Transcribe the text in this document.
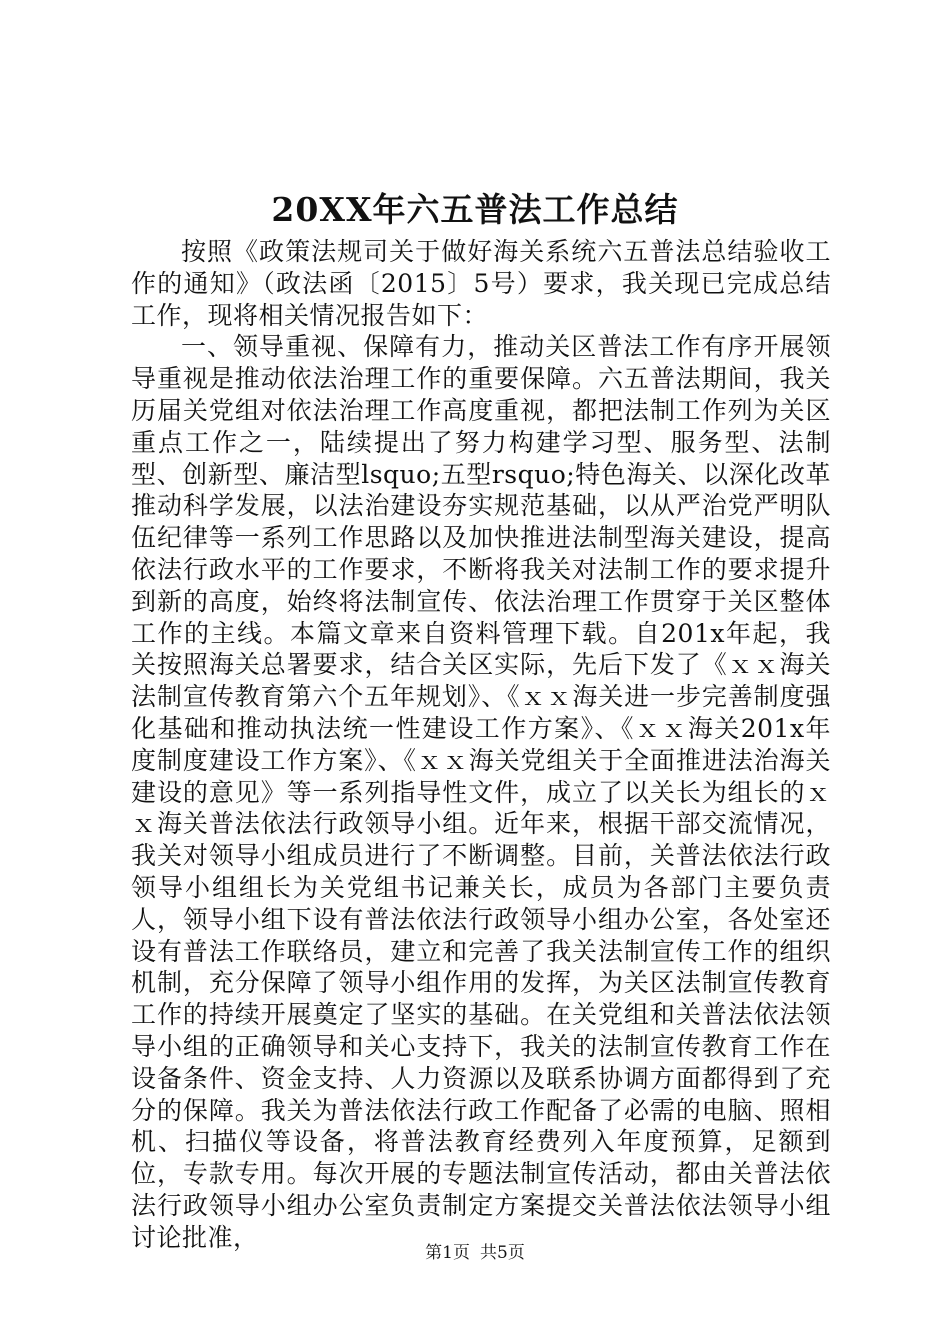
20XX年六五普法工作总结

按照《政策法规司关于做好海关系统六五普法总结验收工作的通知》（政法函〔2015〕5号）要求，我关现已完成总结工作，现将相关情况报告如下：

一、领导重视、保障有力，推动关区普法工作有序开展领导重视是推动依法治理工作的重要保障。六五普法期间，我关历届关党组对依法治理工作高度重视，都把法制工作列为关区重点工作之一，陆续提出了努力构建学习型、服务型、法制型、创新型、廉洁型lsquo;五型rsquo;特色海关、以深化改革推动科学发展，以法治建设夯实规范基础，以从严治党严明队伍纪律等一系列工作思路以及加快推进法制型海关建设，提高依法行政水平的工作要求，不断将我关对法制工作的要求提升到新的高度，始终将法制宣传、依法治理工作贯穿于关区整体工作的主线。本篇文章来自资料管理下载。自201x年起，我关按照海关总署要求，结合关区实际，先后下发了《ｘｘ海关法制宣传教育第六个五年规划》、《ｘｘ海关进一步完善制度强化基础和推动执法统一性建设工作方案》、《ｘｘ海关201x年度制度建设工作方案》、《ｘｘ海关党组关于全面推进法治海关建设的意见》等一系列指导性文件，成立了以关长为组长的ｘｘ海关普法依法行政领导小组。近年来，根据干部交流情况，我关对领导小组成员进行了不断调整。目前，关普法依法行政领导小组组长为关党组书记兼关长，成员为各部门主要负责人，领导小组下设有普法依法行政领导小组办公室，各处室还设有普法工作联络员，建立和完善了我关法制宣传工作的组织机制，充分保障了领导小组作用的发挥，为关区法制宣传教育工作的持续开展奠定了坚实的基础。在关党组和关普法依法领导小组的正确领导和关心支持下，我关的法制宣传教育工作在设备条件、资金支持、人力资源以及联系协调方面都得到了充分的保障。我关为普法依法行政工作配备了必需的电脑、照相机、扫描仪等设备，将普法教育经费列入年度预算，足额到位，专款专用。每次开展的专题法制宣传活动，都由关普法依法行政领导小组办公室负责制定方案提交关普法依法领导小组讨论批准，

第1页 共5页
